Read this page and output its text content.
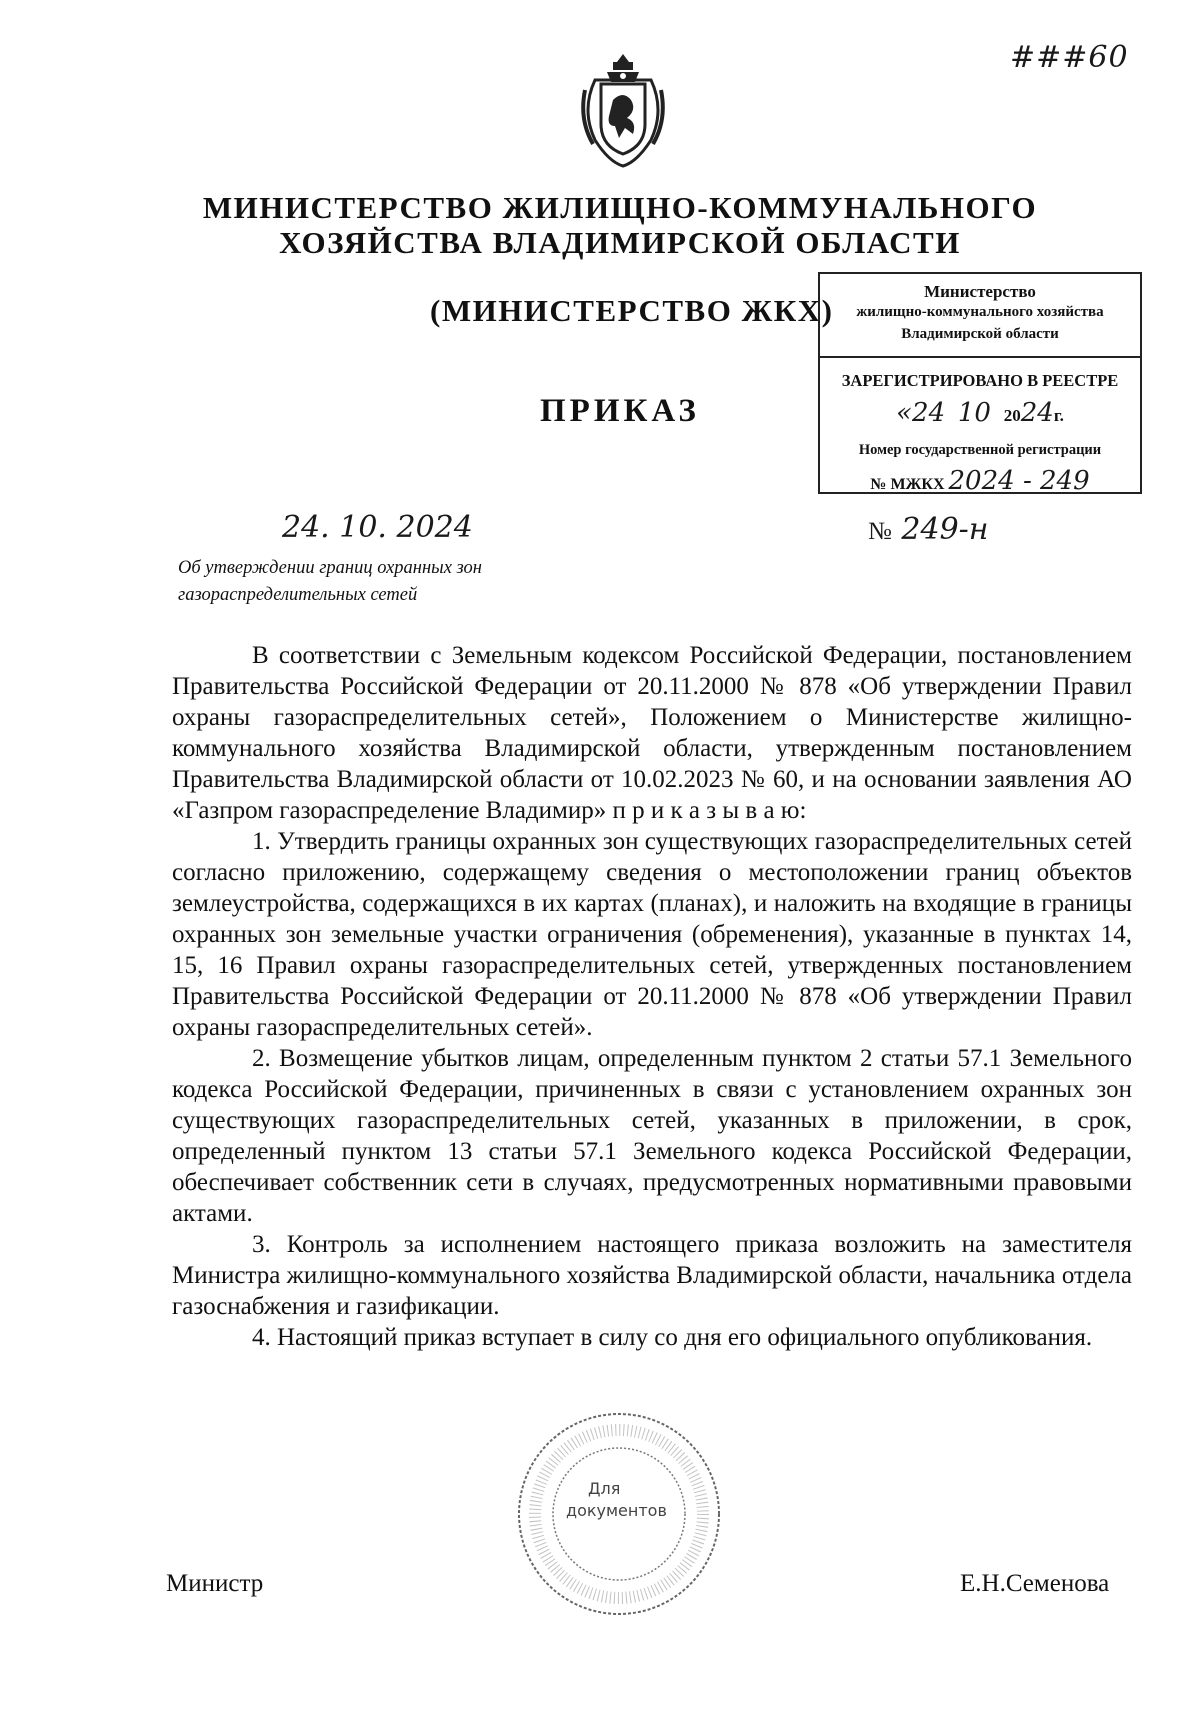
###60
МИНИСТЕРСТВО ЖИЛИЩНО-КОММУНАЛЬНОГО
ХОЗЯЙСТВА ВЛАДИМИРСКОЙ ОБЛАСТИ
(МИНИСТЕРСТВО ЖКХ)
ПРИКАЗ
Министерство
жилищно-коммунального хозяйства
Владимирской области
ЗАРЕГИСТРИРОВАНО В РЕЕСТРЕ
«24 10 2024г.
Номер государственной регистрации
№ МЖКХ 2024 - 249
24. 10. 2024	№ 249-н
Об утверждении границ охранных зон
газораспределительных сетей

В соответствии с Земельным кодексом Российской Федерации, постановлением Правительства Российской Федерации от 20.11.2000 № 878 «Об утверждении Правил охраны газораспределительных сетей», Положением о Министерстве жилищно-коммунального хозяйства Владимирской области, утвержденным постановлением Правительства Владимирской области от 10.02.2023 № 60, и на основании заявления АО «Газпром газораспределение Владимир» п р и к а з ы в а ю:

1. Утвердить границы охранных зон существующих газораспределительных сетей согласно приложению, содержащему сведения о местоположении границ объектов землеустройства, содержащихся в их картах (планах), и наложить на входящие в границы охранных зон земельные участки ограничения (обременения), указанные в пунктах 14, 15, 16 Правил охраны газораспределительных сетей, утвержденных постановлением Правительства Российской Федерации от 20.11.2000 № 878 «Об утверждении Правил охраны газораспределительных сетей».

2. Возмещение убытков лицам, определенным пунктом 2 статьи 57.1 Земельного кодекса Российской Федерации, причиненных в связи с установлением охранных зон существующих газораспределительных сетей, указанных в приложении, в срок, определенный пунктом 13 статьи 57.1 Земельного кодекса Российской Федерации, обеспечивает собственник сети в случаях, предусмотренных нормативными правовыми актами.

3. Контроль за исполнением настоящего приказа возложить на заместителя Министра жилищно-коммунального хозяйства Владимирской области, начальника отдела газоснабжения и газификации.

4. Настоящий приказ вступает в силу со дня его официального опубликования.

Для
документов
Министр	Е.Н.Семенова
